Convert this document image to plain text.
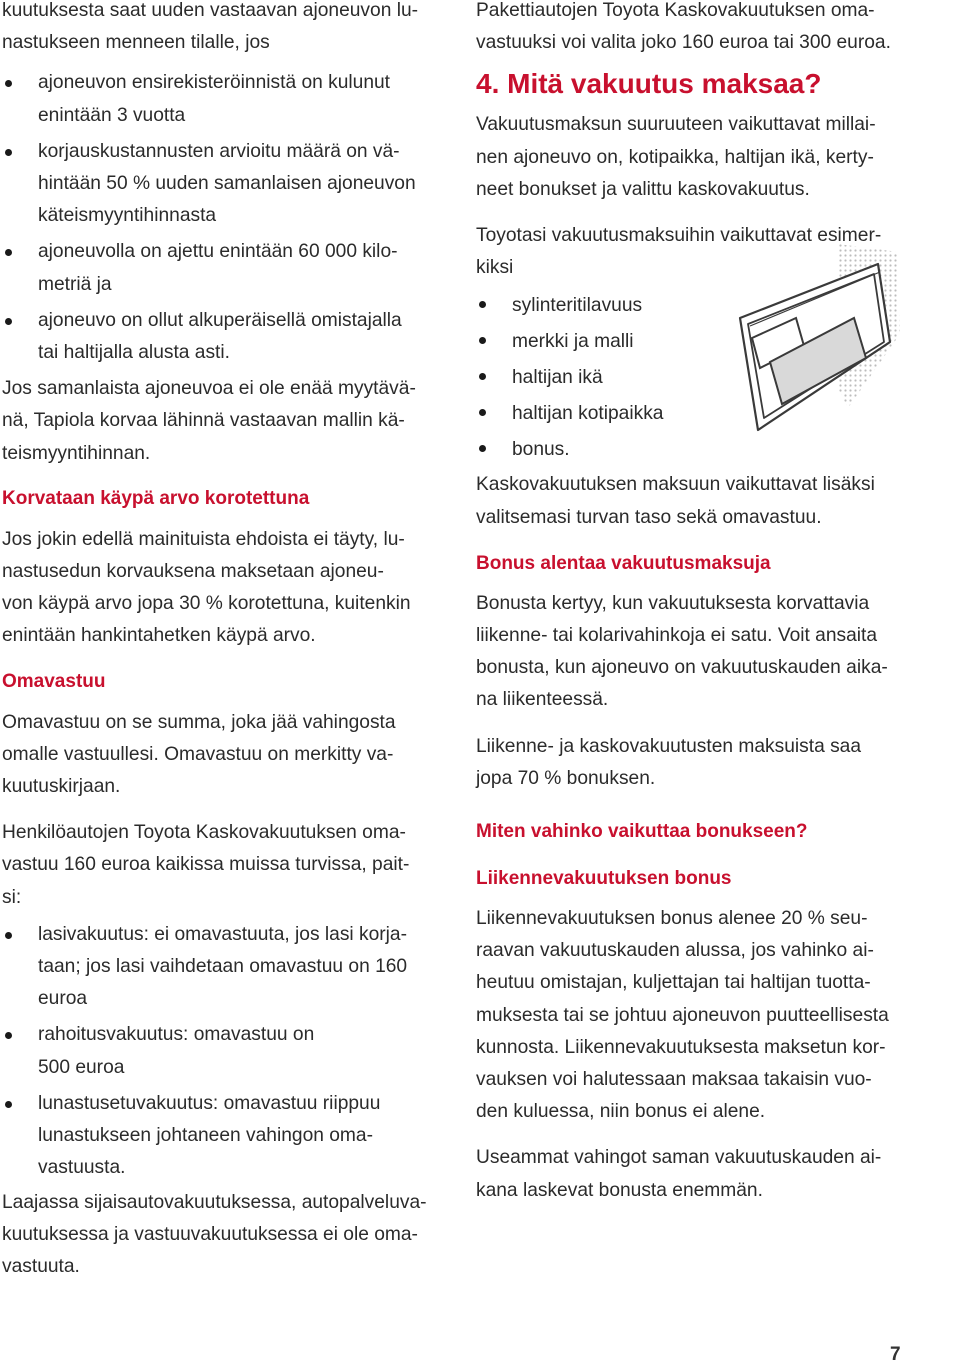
kuutuksesta saat uuden vastaavan ajoneuvon lu-
nastukseen menneen tilalle, jos

ajoneuvon ensirekisteröinnistä on kulunut
enintään 3 vuotta
korjauskustannusten arvioitu määrä on vä-
hintään 50 % uuden samanlaisen ajoneuvon
käteismyyntihinnasta
ajoneuvolla on ajettu enintään 60 000 kilo-
metriä ja
ajoneuvo on ollut alkuperäisellä omistajalla
tai haltijalla alusta asti.

Jos samanlaista ajoneuvoa ei ole enää myytävä-
nä, Tapiola korvaa lähinnä vastaavan mallin kä-
teismyyntihinnan.

Korvataan käypä arvo korotettuna

Jos jokin edellä mainituista ehdoista ei täyty, lu-
nastusedun korvauksena maksetaan ajoneu-
von käypä arvo jopa 30 % korotettuna, kuitenkin
enintään hankintahetken käypä arvo.

Omavastuu

Omavastuu on se summa, joka jää vahingosta
omalle vastuullesi. Omavastuu on merkitty va-
kuutuskirjaan.

Henkilöautojen Toyota Kaskovakuutuksen oma-
vastuu 160 euroa kaikissa muissa turvissa, pait-
si:

lasivakuutus: ei omavastuuta, jos lasi korja-
taan; jos lasi vaihdetaan omavastuu on 160
euroa
rahoitusvakuutus: omavastuu on
500 euroa
lunastusetuvakuutus: omavastuu riippuu
lunastukseen johtaneen vahingon oma-
vastuusta.

Laajassa sijaisautovakuutuksessa, autopalveluva-
kuutuksessa ja vastuuvakuutuksessa ei ole oma-
vastuuta.

Pakettiautojen Toyota Kaskovakuutuksen oma-
vastuuksi voi valita joko 160 euroa tai 300 euroa.

4. Mitä vakuutus maksaa?

Vakuutusmaksun suuruuteen vaikuttavat millai-
nen ajoneuvo on, kotipaikka, haltijan ikä, kerty-
neet bonukset ja valittu kaskovakuutus.

Toyotasi vakuutusmaksuihin vaikuttavat esimer-
kiksi

sylinteritilavuus
merkki ja malli
haltijan ikä
haltijan kotipaikka
bonus.

Kaskovakuutuksen maksuun vaikuttavat lisäksi
valitsemasi turvan taso sekä omavastuu.

Bonus alentaa vakuutusmaksuja

Bonusta kertyy, kun vakuutuksesta korvattavia
liikenne- tai kolarivahinkoja ei satu. Voit ansaita
bonusta, kun ajoneuvo on vakuutuskauden aika-
na liikenteessä.

Liikenne- ja kaskovakuutusten maksuista saa
jopa 70 % bonuksen.

Miten vahinko vaikuttaa bonukseen?
Liikennevakuutuksen bonus

Liikennevakuutuksen bonus alenee 20 % seu-
raavan vakuutuskauden alussa, jos vahinko ai-
heutuu omistajan, kuljettajan tai haltijan tuotta-
muksesta tai se johtuu ajoneuvon puutteellisesta
kunnosta. Liikennevakuutuksesta maksetun kor-
vauksen voi halutessaan maksaa takaisin vuo-
den kuluessa, niin bonus ei alene.

Useammat vahingot saman vakuutuskauden ai-
kana laskevat bonusta enemmän.

7
